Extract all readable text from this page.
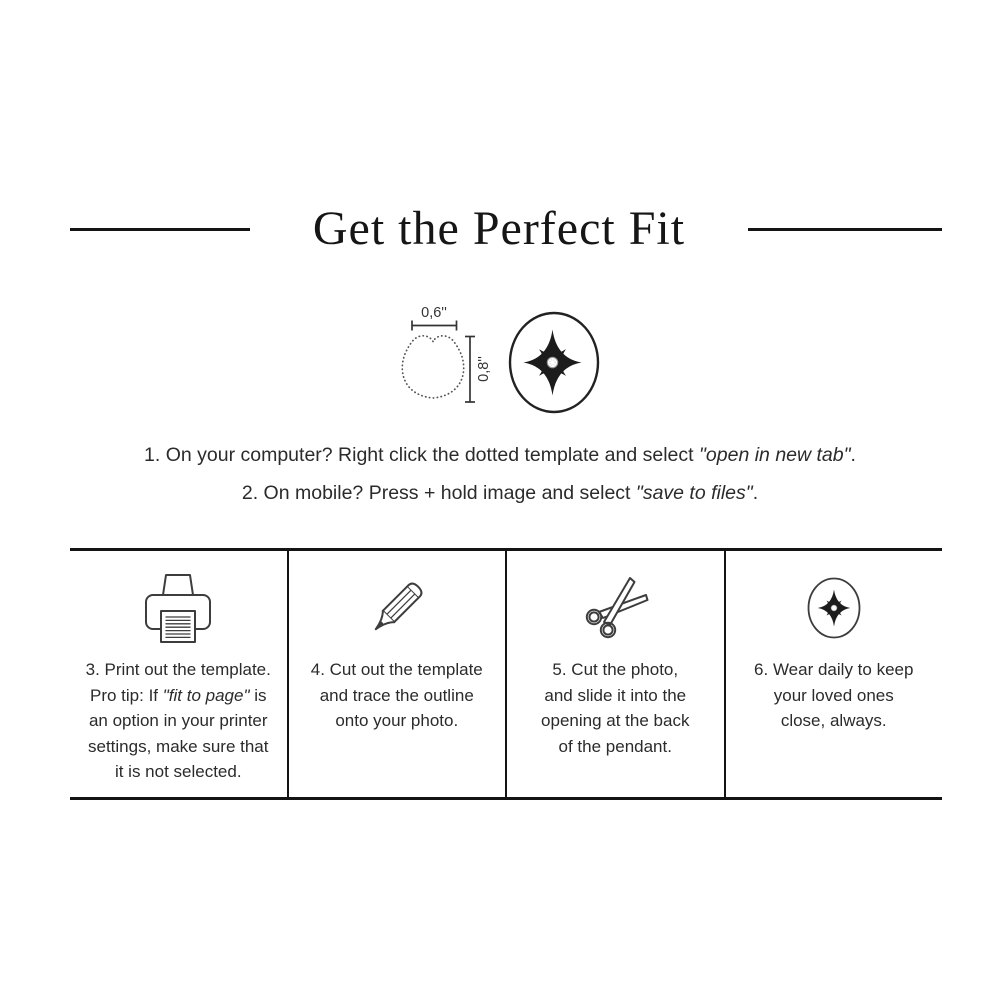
Get the Perfect Fit
0,6''
0,8''
1. On your computer? Right click the dotted template and select "open in new tab".
2. On mobile? Press + hold image and select "save to files".
3. Print out the template.
Pro tip: If "fit to page" is
an option in your printer
settings, make sure that
it is not selected.
4. Cut out the template
and trace the outline
onto your photo.
5. Cut the photo,
and slide it into the
opening at the back
of the pendant.
6. Wear daily to keep
your loved ones
close, always.
